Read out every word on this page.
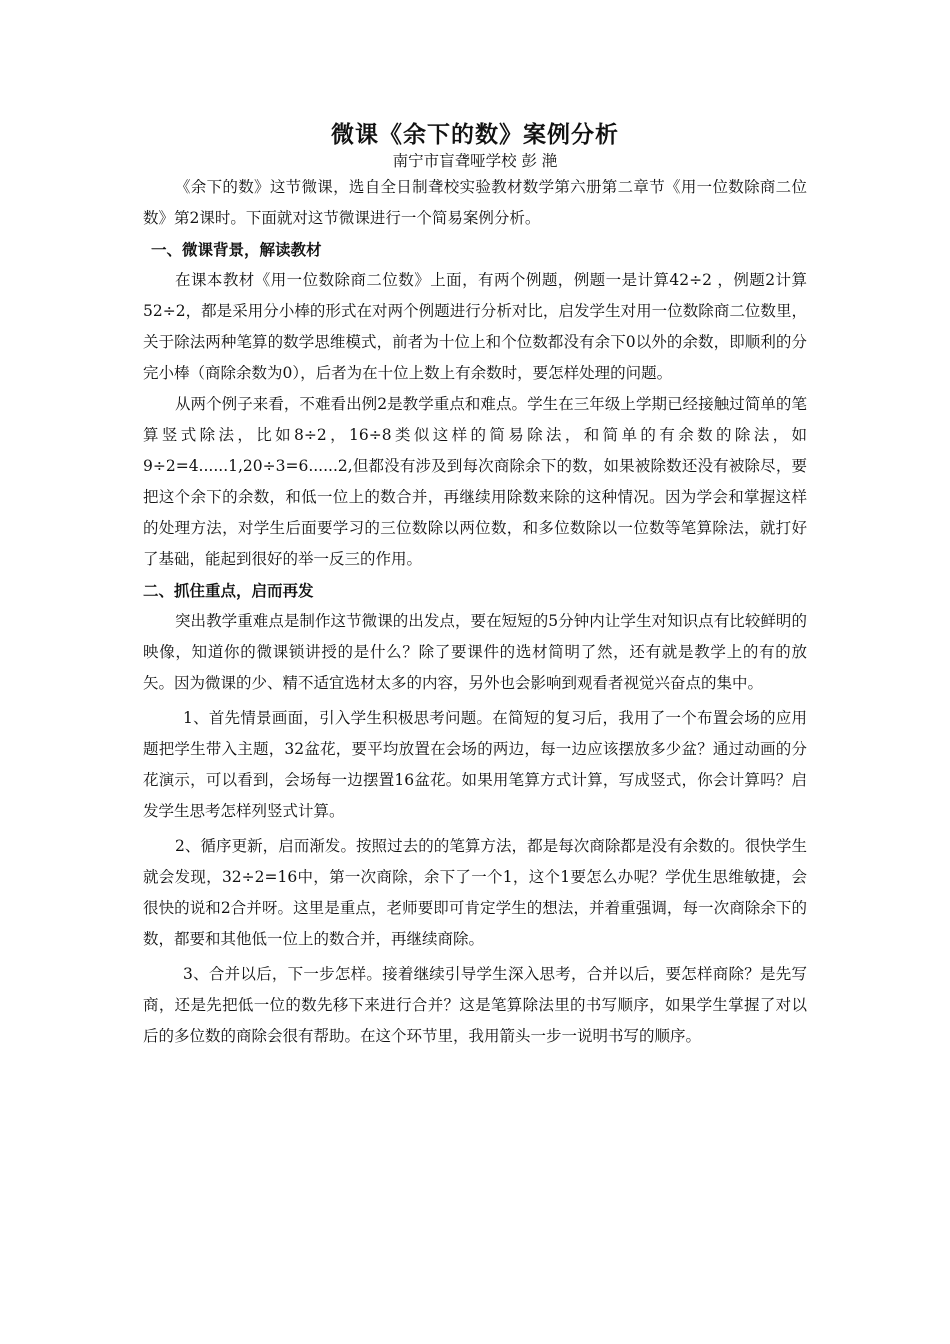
微课《余下的数》案例分析
南宁市盲聋哑学校 彭 滟

《余下的数》这节微课，选自全日制聋校实验教材数学第六册第二章节《用一位数除商二位数》第2课时。下面就对这节微课进行一个简易案例分析。

一、微课背景，解读教材

在课本教材《用一位数除商二位数》上面，有两个例题，例题一是计算42÷2 ，例题2计算52÷2，都是采用分小棒的形式在对两个例题进行分析对比，启发学生对用一位数除商二位数里，关于除法两种笔算的数学思维模式，前者为十位上和个位数都没有余下0以外的余数，即顺利的分完小棒（商除余数为0），后者为在十位上数上有余数时，要怎样处理的问题。

从两个例子来看，不难看出例2是教学重点和难点。学生在三年级上学期已经接触过简单的笔算竖式除法，比如8÷2，16÷8类似这样的简易除法，和简单的有余数的除法，如9÷2=4......1,20÷3=6......2,但都没有涉及到每次商除余下的数，如果被除数还没有被除尽，要把这个余下的余数，和低一位上的数合并，再继续用除数来除的这种情况。因为学会和掌握这样的处理方法，对学生后面要学习的三位数除以两位数，和多位数除以一位数等笔算除法，就打好了基础，能起到很好的举一反三的作用。

二、抓住重点，启而再发

突出教学重难点是制作这节微课的出发点，要在短短的5分钟内让学生对知识点有比较鲜明的映像，知道你的微课锁讲授的是什么？除了要课件的选材简明了然，还有就是教学上的有的放矢。因为微课的少、精不适宜选材太多的内容，另外也会影响到观看者视觉兴奋点的集中。

1、首先情景画面，引入学生积极思考问题。在简短的复习后，我用了一个布置会场的应用题把学生带入主题，32盆花，要平均放置在会场的两边，每一边应该摆放多少盆？通过动画的分花演示，可以看到，会场每一边摆置16盆花。如果用笔算方式计算，写成竖式，你会计算吗？启发学生思考怎样列竖式计算。

2、循序更新，启而渐发。按照过去的的笔算方法，都是每次商除都是没有余数的。很快学生就会发现，32÷2=16中，第一次商除，余下了一个1，这个1要怎么办呢？学优生思维敏捷，会很快的说和2合并呀。这里是重点，老师要即可肯定学生的想法，并着重强调，每一次商除余下的数，都要和其他低一位上的数合并，再继续商除。

3、合并以后，下一步怎样。接着继续引导学生深入思考，合并以后，要怎样商除？是先写商，还是先把低一位的数先移下来进行合并？这是笔算除法里的书写顺序，如果学生掌握了对以后的多位数的商除会很有帮助。在这个环节里，我用箭头一步一说明书写的顺序。
